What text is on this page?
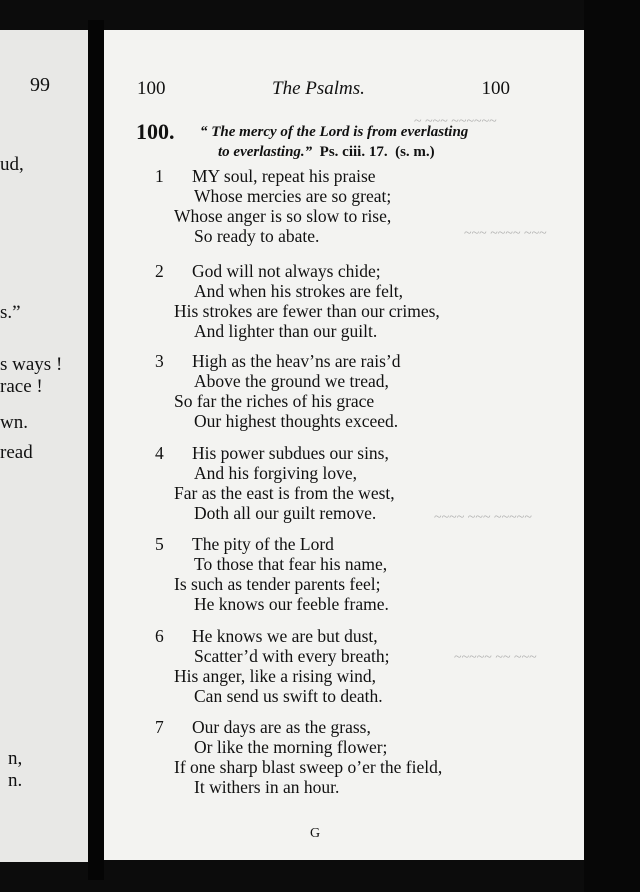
99
ud,
s.”
s ways !
race !
wn.
read
n,
n.
~ ~~~ ~~~~~~
~~~ ~~~~ ~~~
~~~~ ~~~ ~~~~~
~~~~~ ~~ ~~~
100	The Psalms.	100
100. “ The mercy of the Lord is from everlasting
to everlasting.” Ps. ciii. 17. (s. m.)
1 MY soul, repeat his praise
Whose mercies are so great;
Whose anger is so slow to rise,
So ready to abate.
2 God will not always chide;
And when his strokes are felt,
His strokes are fewer than our crimes,
And lighter than our guilt.
3 High as the heav’ns are rais’d
Above the ground we tread,
So far the riches of his grace
Our highest thoughts exceed.
4 His power subdues our sins,
And his forgiving love,
Far as the east is from the west,
Doth all our guilt remove.
5 The pity of the Lord
To those that fear his name,
Is such as tender parents feel;
He knows our feeble frame.
6 He knows we are but dust,
Scatter’d with every breath;
His anger, like a rising wind,
Can send us swift to death.
7 Our days are as the grass,
Or like the morning flower;
If one sharp blast sweep o’er the field,
It withers in an hour.
G
